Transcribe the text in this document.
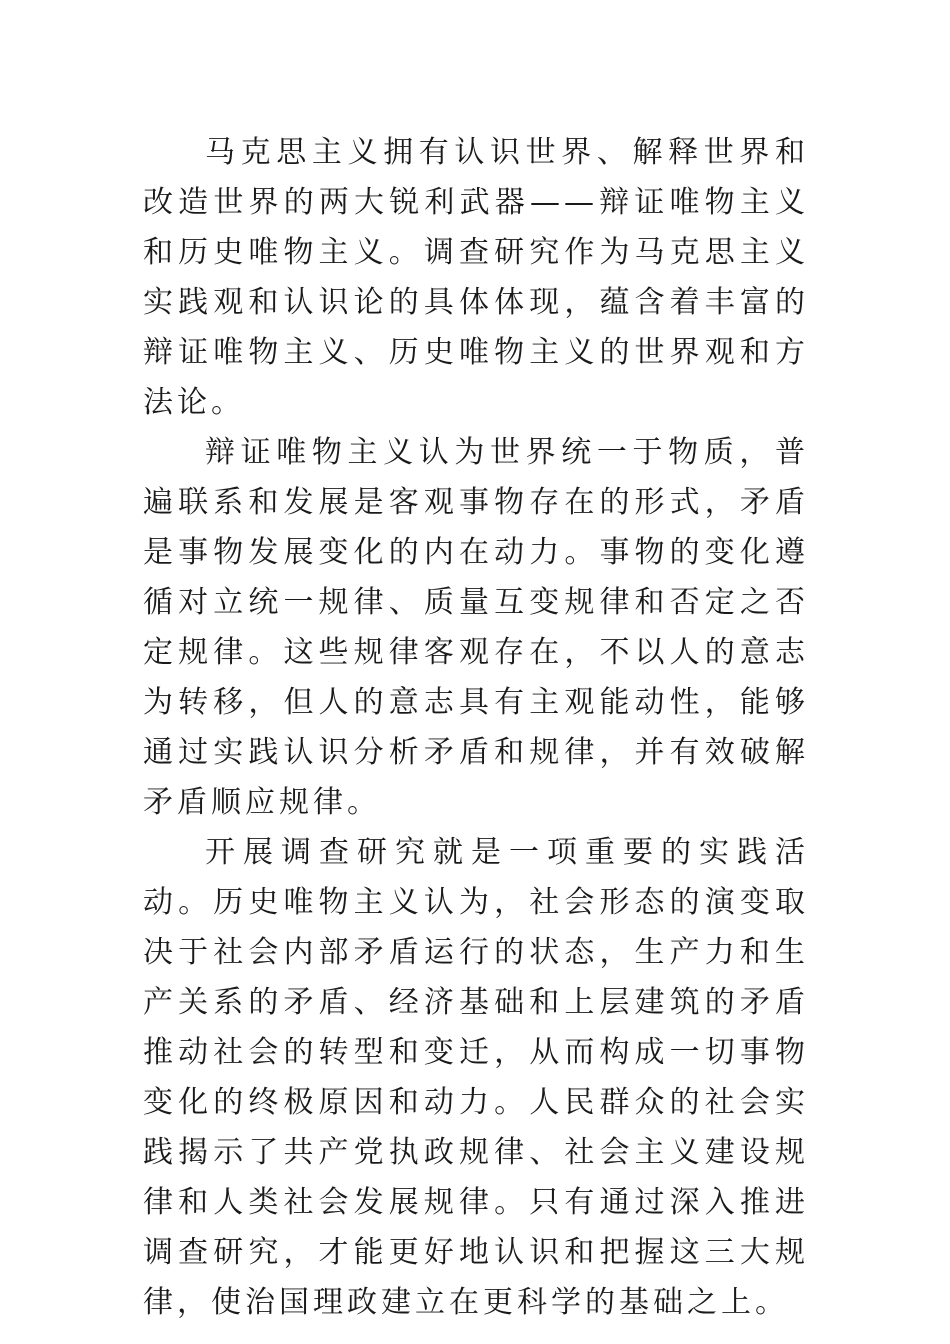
马克思主义拥有认识世界、解释世界和改造世界的两大锐利武器——辩证唯物主义和历史唯物主义。调查研究作为马克思主义实践观和认识论的具体体现，蕴含着丰富的辩证唯物主义、历史唯物主义的世界观和方法论。

辩证唯物主义认为世界统一于物质，普遍联系和发展是客观事物存在的形式，矛盾是事物发展变化的内在动力。事物的变化遵循对立统一规律、质量互变规律和否定之否定规律。这些规律客观存在，不以人的意志为转移，但人的意志具有主观能动性，能够通过实践认识分析矛盾和规律，并有效破解矛盾顺应规律。

开展调查研究就是一项重要的实践活动。历史唯物主义认为，社会形态的演变取决于社会内部矛盾运行的状态，生产力和生产关系的矛盾、经济基础和上层建筑的矛盾推动社会的转型和变迁，从而构成一切事物变化的终极原因和动力。人民群众的社会实践揭示了共产党执政规律、社会主义建设规律和人类社会发展规律。只有通过深入推进调查研究，才能更好地认识和把握这三大规律，使治国理政建立在更科学的基础之上。
